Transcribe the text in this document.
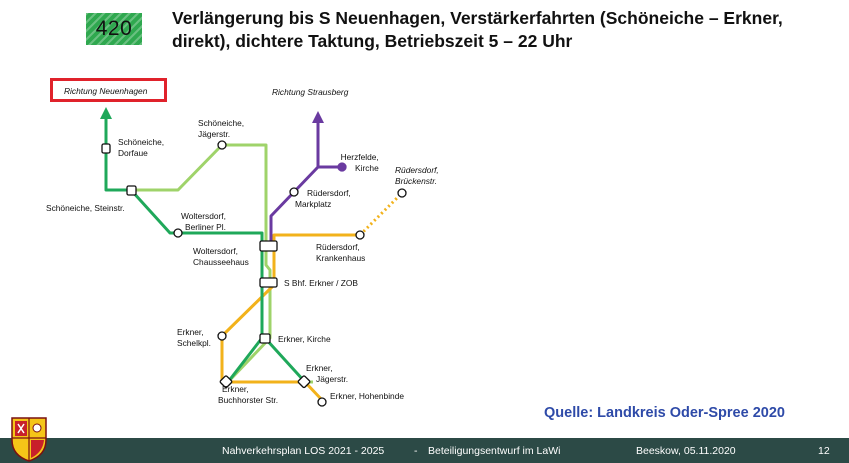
420	Verlängerung bis S Neuenhagen, Verstärkerfahrten (Schöneiche – Erkner, direkt), dichtere Taktung, Betriebszeit 5 – 22 Uhr
Richtung Neuenhagen	Richtung Strausberg
Schöneiche,
Dorfaue
Schöneiche,
Jägerstr.
Schöneiche, Steinstr.
Woltersdorf,
Berliner Pl.
Woltersdorf,
Chausseehaus
Herzfelde,
Kirche
Rüdersdorf,
Markplatz
Rüdersdorf,
Brückenstr.
Rüdersdorf,
Krankenhaus
S Bhf. Erkner / ZOB
Erkner,
Schelkpl.	Erkner, Kirche
Erkner,
Jägerstr.
Erkner,
Buchhorster Str.	Erkner, Hohenbinde
Quelle: Landkreis Oder-Spree 2020
Nahverkehrsplan LOS 2021 - 2025	- Beteiligungsentwurf im LaWi	Beeskow, 05.11.2020	12
